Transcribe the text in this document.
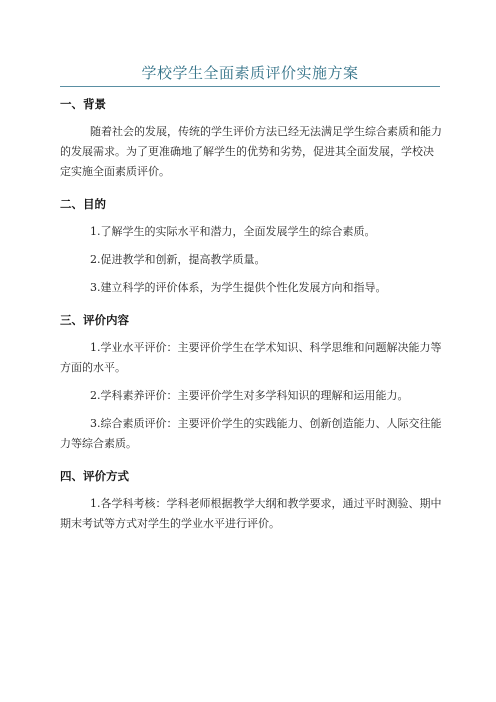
学校学生全面素质评价实施方案
一、背景

随着社会的发展，传统的学生评价方法已经无法满足学生综合素质和能力的发展需求。为了更准确地了解学生的优势和劣势，促进其全面发展，学校决定实施全面素质评价。

二、目的

1.了解学生的实际水平和潜力，全面发展学生的综合素质。

2.促进教学和创新，提高教学质量。

3.建立科学的评价体系，为学生提供个性化发展方向和指导。

三、评价内容

1.学业水平评价：主要评价学生在学术知识、科学思维和问题解决能力等方面的水平。

2.学科素养评价：主要评价学生对多学科知识的理解和运用能力。

3.综合素质评价：主要评价学生的实践能力、创新创造能力、人际交往能力等综合素质。

四、评价方式

1.各学科考核：学科老师根据教学大纲和教学要求，通过平时测验、期中期末考试等方式对学生的学业水平进行评价。
